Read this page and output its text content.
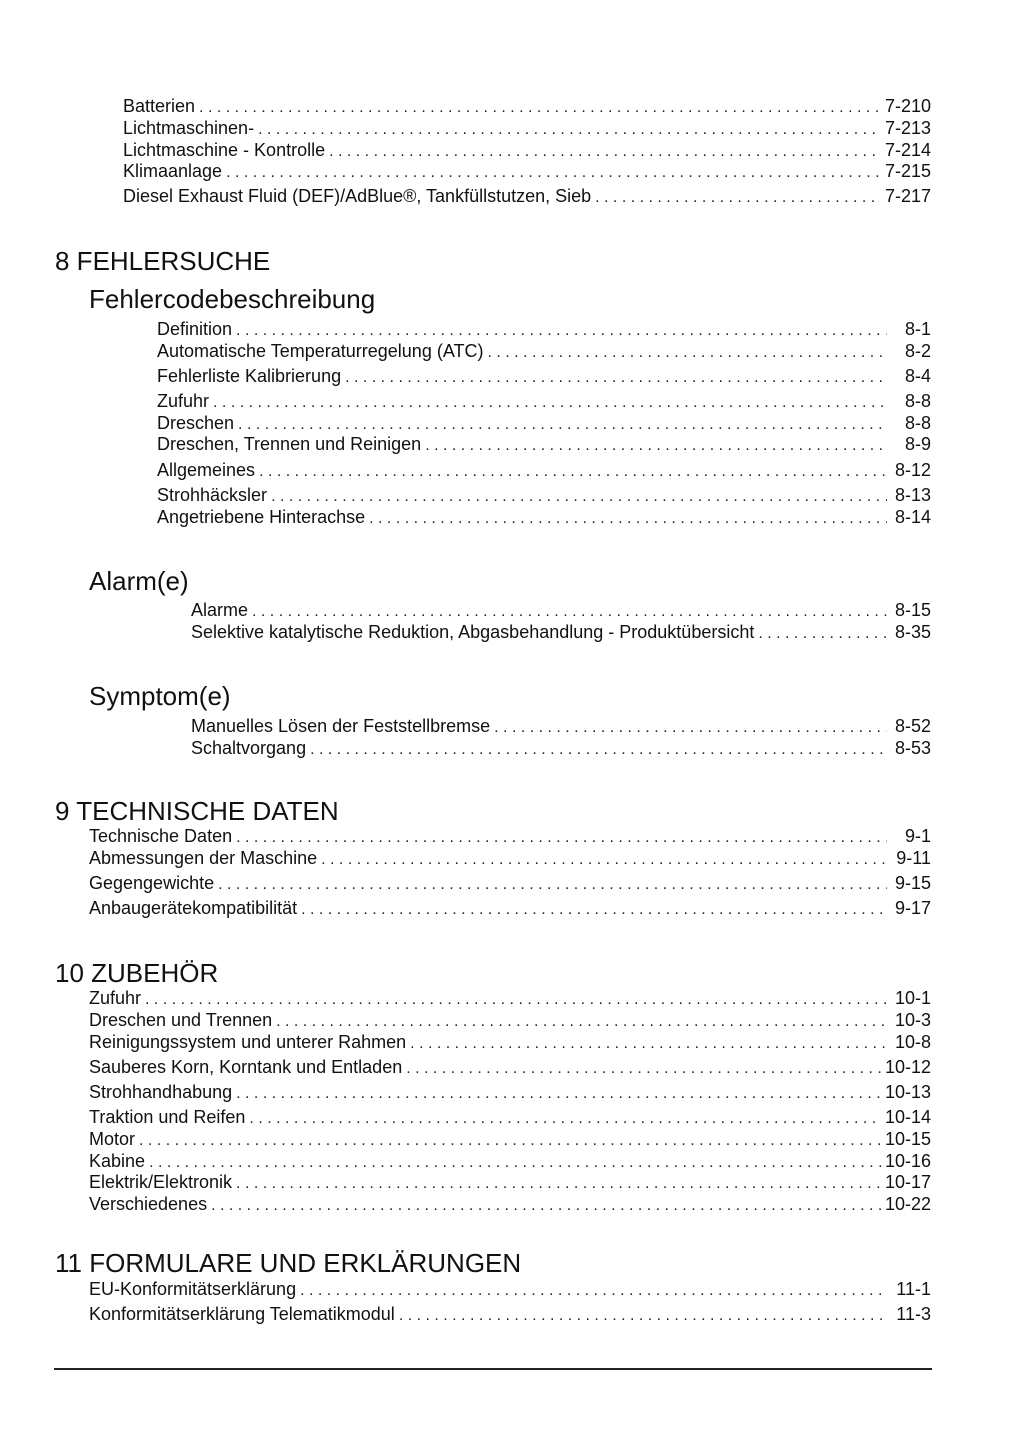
Batterien . . .	7-210
Lichtmaschinen- . . .	7-213
Lichtmaschine - Kontrolle . . .	7-214
Klimaanlage . . .	7-215
Diesel Exhaust Fluid (DEF)/AdBlue®, Tankfüllstutzen, Sieb . . .	7-217
8 FEHLERSUCHE
Fehlercodebeschreibung
Definition . . .	8-1
Automatische Temperaturregelung (ATC) . . .	8-2
Fehlerliste Kalibrierung . . .	8-4
Zufuhr . . .	8-8
Dreschen . . .	8-8
Dreschen, Trennen und Reinigen . . .	8-9
Allgemeines . . .	8-12
Strohhäcksler . . .	8-13
Angetriebene Hinterachse . . .	8-14
Alarm(e)
Alarme . . .	8-15
Selektive katalytische Reduktion, Abgasbehandlung - Produktübersicht . . .	8-35
Symptom(e)
Manuelles Lösen der Feststellbremse . . .	8-52
Schaltvorgang . . .	8-53
9 TECHNISCHE DATEN
Technische Daten . . .	9-1
Abmessungen der Maschine . . .	9-11
Gegengewichte . . .	9-15
Anbaugerätekompatibilität . . .	9-17
10 ZUBEHÖR
Zufuhr . . .	10-1
Dreschen und Trennen . . .	10-3
Reinigungssystem und unterer Rahmen . . .	10-8
Sauberes Korn, Korntank und Entladen . . .	10-12
Strohhandhabung . . .	10-13
Traktion und Reifen . . .	10-14
Motor . . .	10-15
Kabine . . .	10-16
Elektrik/Elektronik . . .	10-17
Verschiedenes . . .	10-22
11 FORMULARE UND ERKLÄRUNGEN
EU-Konformitätserklärung . . .	11-1
Konformitätserklärung Telematikmodul . . .	11-3
